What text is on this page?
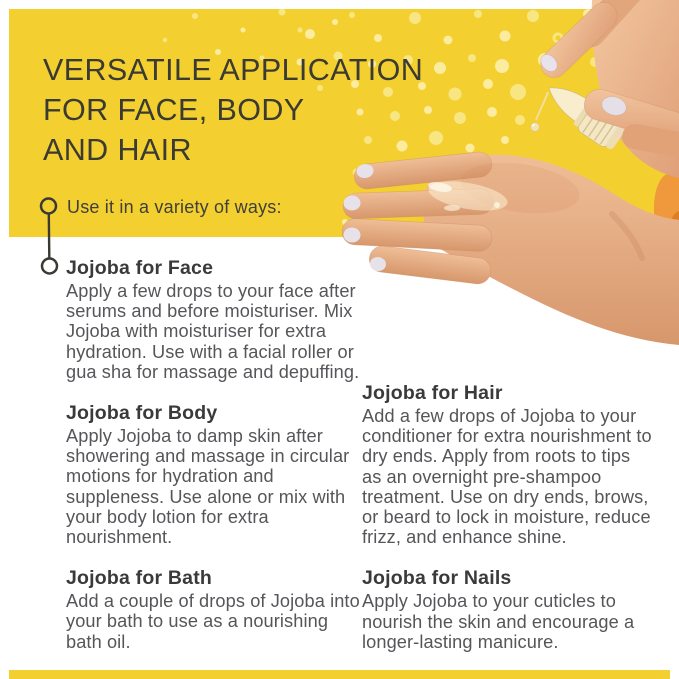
VERSATILE APPLICATION
FOR FACE, BODY
AND HAIR
Use it in a variety of ways:
Jojoba for Face
Apply a few drops to your face after
serums and before moisturiser. Mix
Jojoba with moisturiser for extra
hydration. Use with a facial roller or
gua sha for massage and depuffing.
Jojoba for Body
Apply Jojoba to damp skin after
showering and massage in circular
motions for hydration and
suppleness. Use alone or mix with
your body lotion for extra
nourishment.
Jojoba for Bath
Add a couple of drops of Jojoba into
your bath to use as a nourishing
bath oil.
Jojoba for Hair
Add a few drops of Jojoba to your
conditioner for extra nourishment to
dry ends. Apply from roots to tips
as an overnight pre-shampoo
treatment. Use on dry ends, brows,
or beard to lock in moisture, reduce
frizz, and enhance shine.
Jojoba for Nails
Apply Jojoba to your cuticles to
nourish the skin and encourage a
longer-lasting manicure.
